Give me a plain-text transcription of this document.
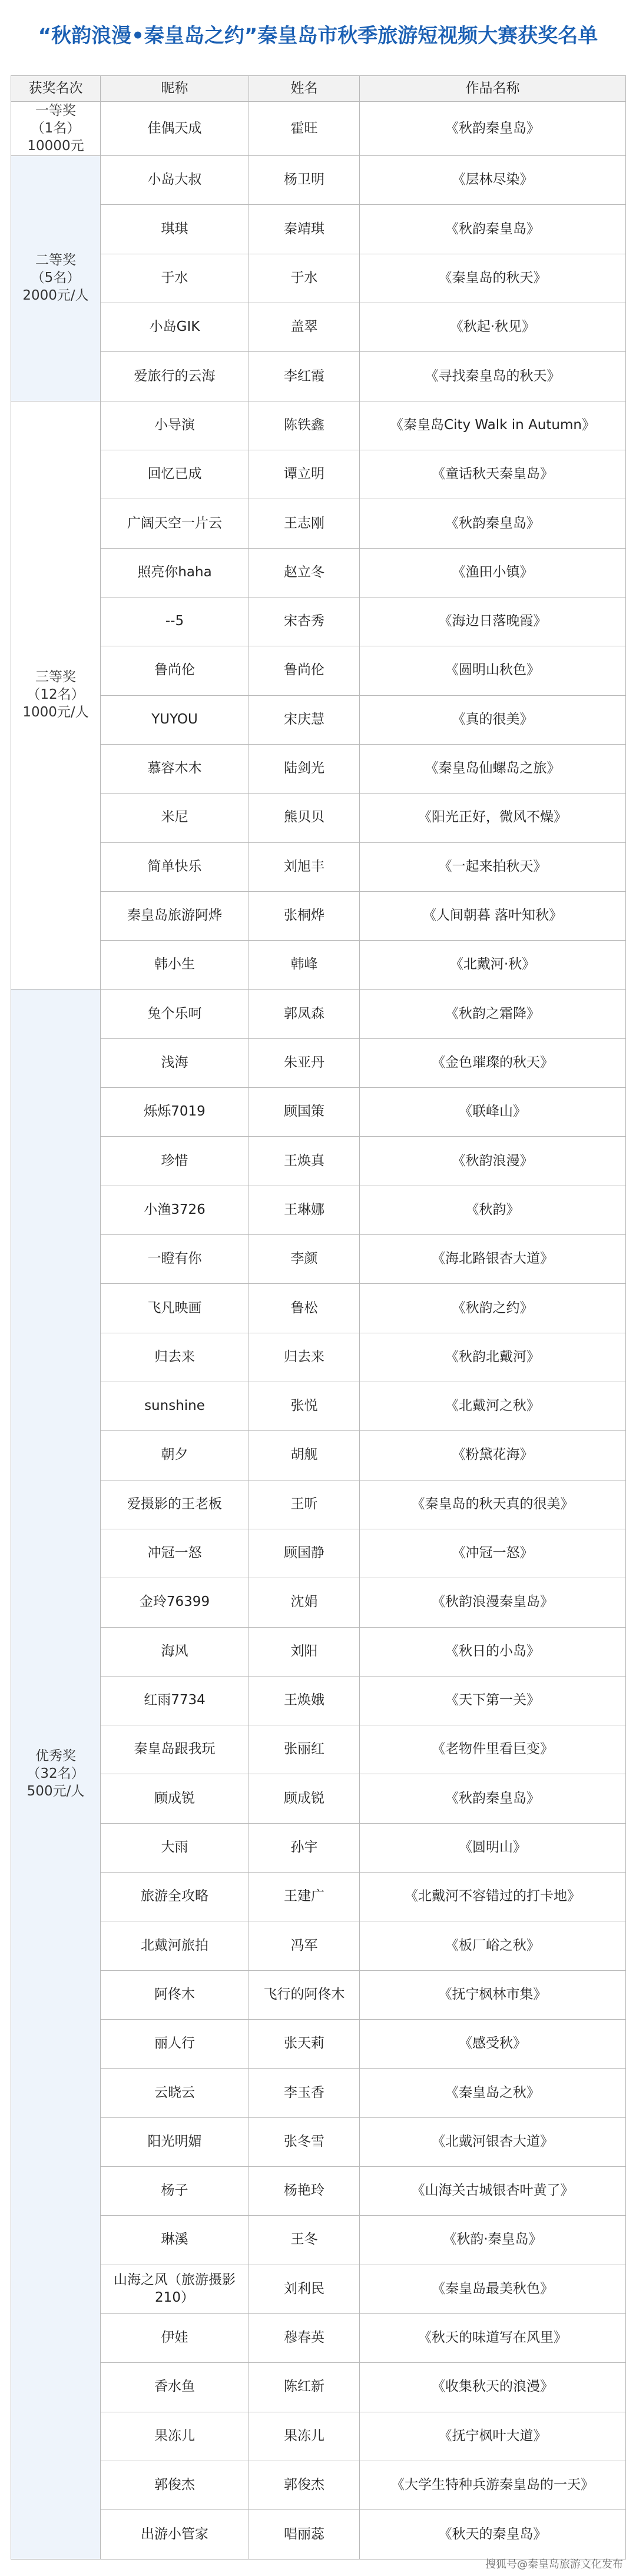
“秋韵浪漫•秦皇岛之约”秦皇岛市秋季旅游短视频大赛获奖名单
获奖名次	昵称	姓名	作品名称

一等奖
（1名）
10000元	佳偶天成	霍旺	《秋韵秦皇岛》

二等奖
（5名）
2000元/人	小岛大叔	杨卫明	《层林尽染》
	琪琪	秦靖琪	《秋韵秦皇岛》
	于水	于水	《秦皇岛的秋天》
	小岛GIK	盖翠	《秋起·秋见》
	爱旅行的云海	李红霞	《寻找秦皇岛的秋天》

三等奖
（12名）
1000元/人	小导演	陈铁鑫	《秦皇岛City Walk in Autumn》
	回忆已成	谭立明	《童话秋天秦皇岛》
	广阔天空一片云	王志刚	《秋韵秦皇岛》
	照亮你haha	赵立冬	《渔田小镇》
	--5	宋杏秀	《海边日落晚霞》
	鲁尚伦	鲁尚伦	《圆明山秋色》
	YUYOU	宋庆慧	《真的很美》
	慕容木木	陆剑光	《秦皇岛仙螺岛之旅》
	米尼	熊贝贝	《阳光正好，微风不燥》
	简单快乐	刘旭丰	《一起来拍秋天》
	秦皇岛旅游阿烨	张桐烨	《人间朝暮 落叶知秋》
	韩小生	韩峰	《北戴河·秋》

优秀奖
（32名）
500元/人	兔个乐呵	郭凤森	《秋韵之霜降》
	浅海	朱亚丹	《金色璀璨的秋天》
	烁烁7019	顾国策	《联峰山》
	珍惜	王焕真	《秋韵浪漫》
	小渔3726	王琳娜	《秋韵》
	一瞪有你	李颜	《海北路银杏大道》
	飞凡映画	鲁松	《秋韵之约》
	归去来	归去来	《秋韵北戴河》
	sunshine	张悦	《北戴河之秋》
	朝夕	胡舰	《粉黛花海》
	爱摄影的王老板	王昕	《秦皇岛的秋天真的很美》
	冲冠一怒	顾国静	《冲冠一怒》
	金玲76399	沈娟	《秋韵浪漫秦皇岛》
	海风	刘阳	《秋日的小岛》
	红雨7734	王焕娥	《天下第一关》
	秦皇岛跟我玩	张丽红	《老物件里看巨变》
	顾成锐	顾成锐	《秋韵秦皇岛》
	大雨	孙宇	《圆明山》
	旅游全攻略	王建广	《北戴河不容错过的打卡地》
	北戴河旅拍	冯军	《板厂峪之秋》
	阿佟木	飞行的阿佟木	《抚宁枫林市集》
	丽人行	张天莉	《感受秋》
	云晓云	李玉香	《秦皇岛之秋》
	阳光明媚	张冬雪	《北戴河银杏大道》
	杨子	杨艳玲	《山海关古城银杏叶黄了》
	琳溪	王冬	《秋韵·秦皇岛》
	山海之风（旅游摄影210）	刘利民	《秦皇岛最美秋色》
	伊娃	穆春英	《秋天的味道写在风里》
	香水鱼	陈红新	《收集秋天的浪漫》
	果冻儿	果冻儿	《抚宁枫叶大道》
	郭俊杰	郭俊杰	《大学生特种兵游秦皇岛的一天》
	出游小管家	唱丽蕊	《秋天的秦皇岛》
搜狐号@秦皇岛旅游文化发布
